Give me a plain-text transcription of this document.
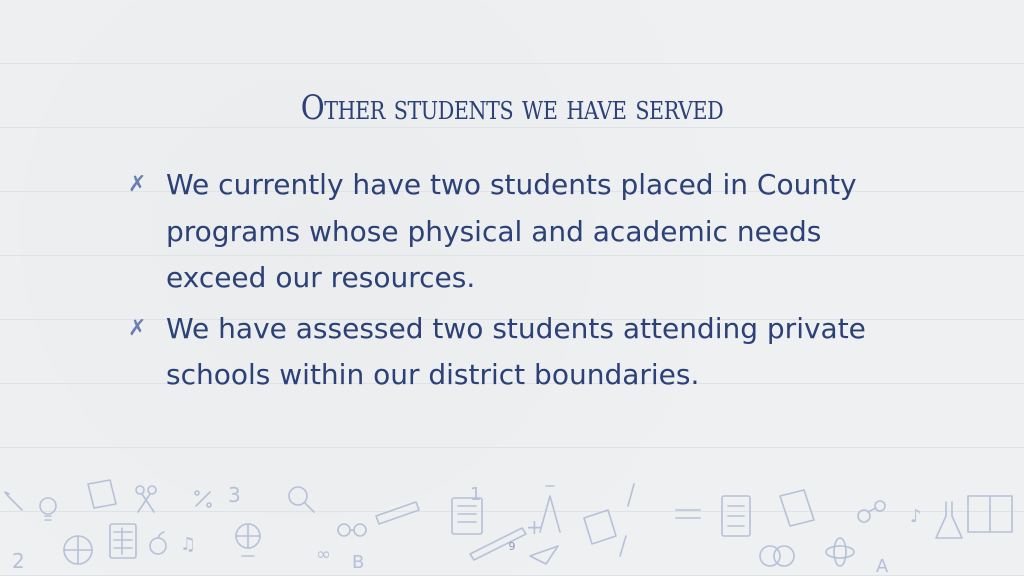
Other students we have served
✗ We currently have two students placed in County programs whose physical and academic needs exceed our resources.
✗ We have assessed two students attending private schools within our district boundaries.
2
3	1
B	A
♫
♪
∞
+
9
